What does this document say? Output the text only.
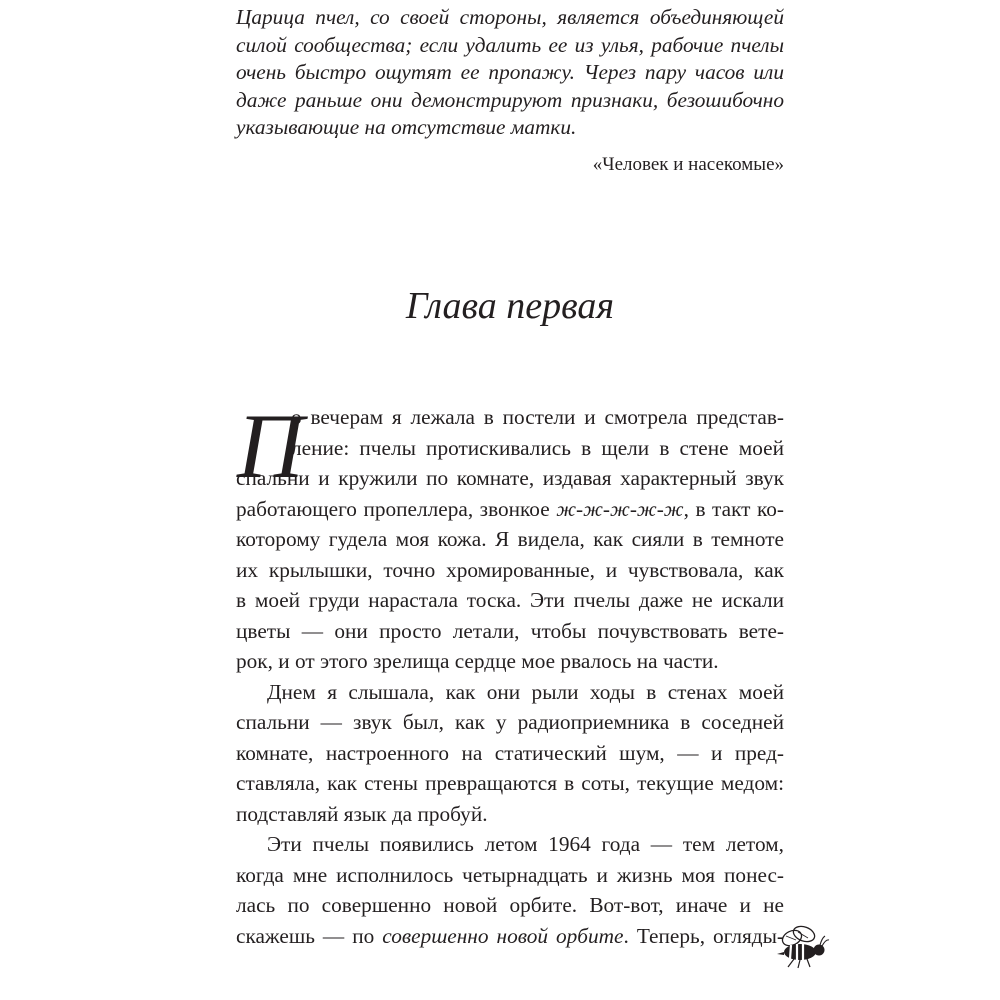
Царица пчел, со своей стороны, является объединяющей
силой сообщества; если удалить ее из улья, рабочие пчелы
очень быстро ощутят ее пропажу. Через пару часов или
даже раньше они демонстрируют признаки, безошибочно
указывающие на отсутствие матки.
«Человек и насекомые»
Глава первая
П
о вечерам я лежала в постели и смотрела представ-
ление: пчелы протискивались в щели в стене моей
спальни и кружили по комнате, издавая характерный звук
работающего пропеллера, звонкое ж-ж-ж-ж-ж, в такт ко-
которому гудела моя кожа. Я видела, как сияли в темноте
их крылышки, точно хромированные, и чувствовала, как
в моей груди нарастала тоска. Эти пчелы даже не искали
цветы — они просто летали, чтобы почувствовать вете-
рок, и от этого зрелища сердце мое рвалось на части.
Днем я слышала, как они рыли ходы в стенах моей
спальни — звук был, как у радиоприемника в соседней
комнате, настроенного на статический шум, — и пред-
ставляла, как стены превращаются в соты, текущие медом:
подставляй язык да пробуй.
Эти пчелы появились летом 1964 года — тем летом,
когда мне исполнилось четырнадцать и жизнь моя понес-
лась по совершенно новой орбите. Вот-вот, иначе и не
скажешь — по совершенно новой орбите. Теперь, огляды-
